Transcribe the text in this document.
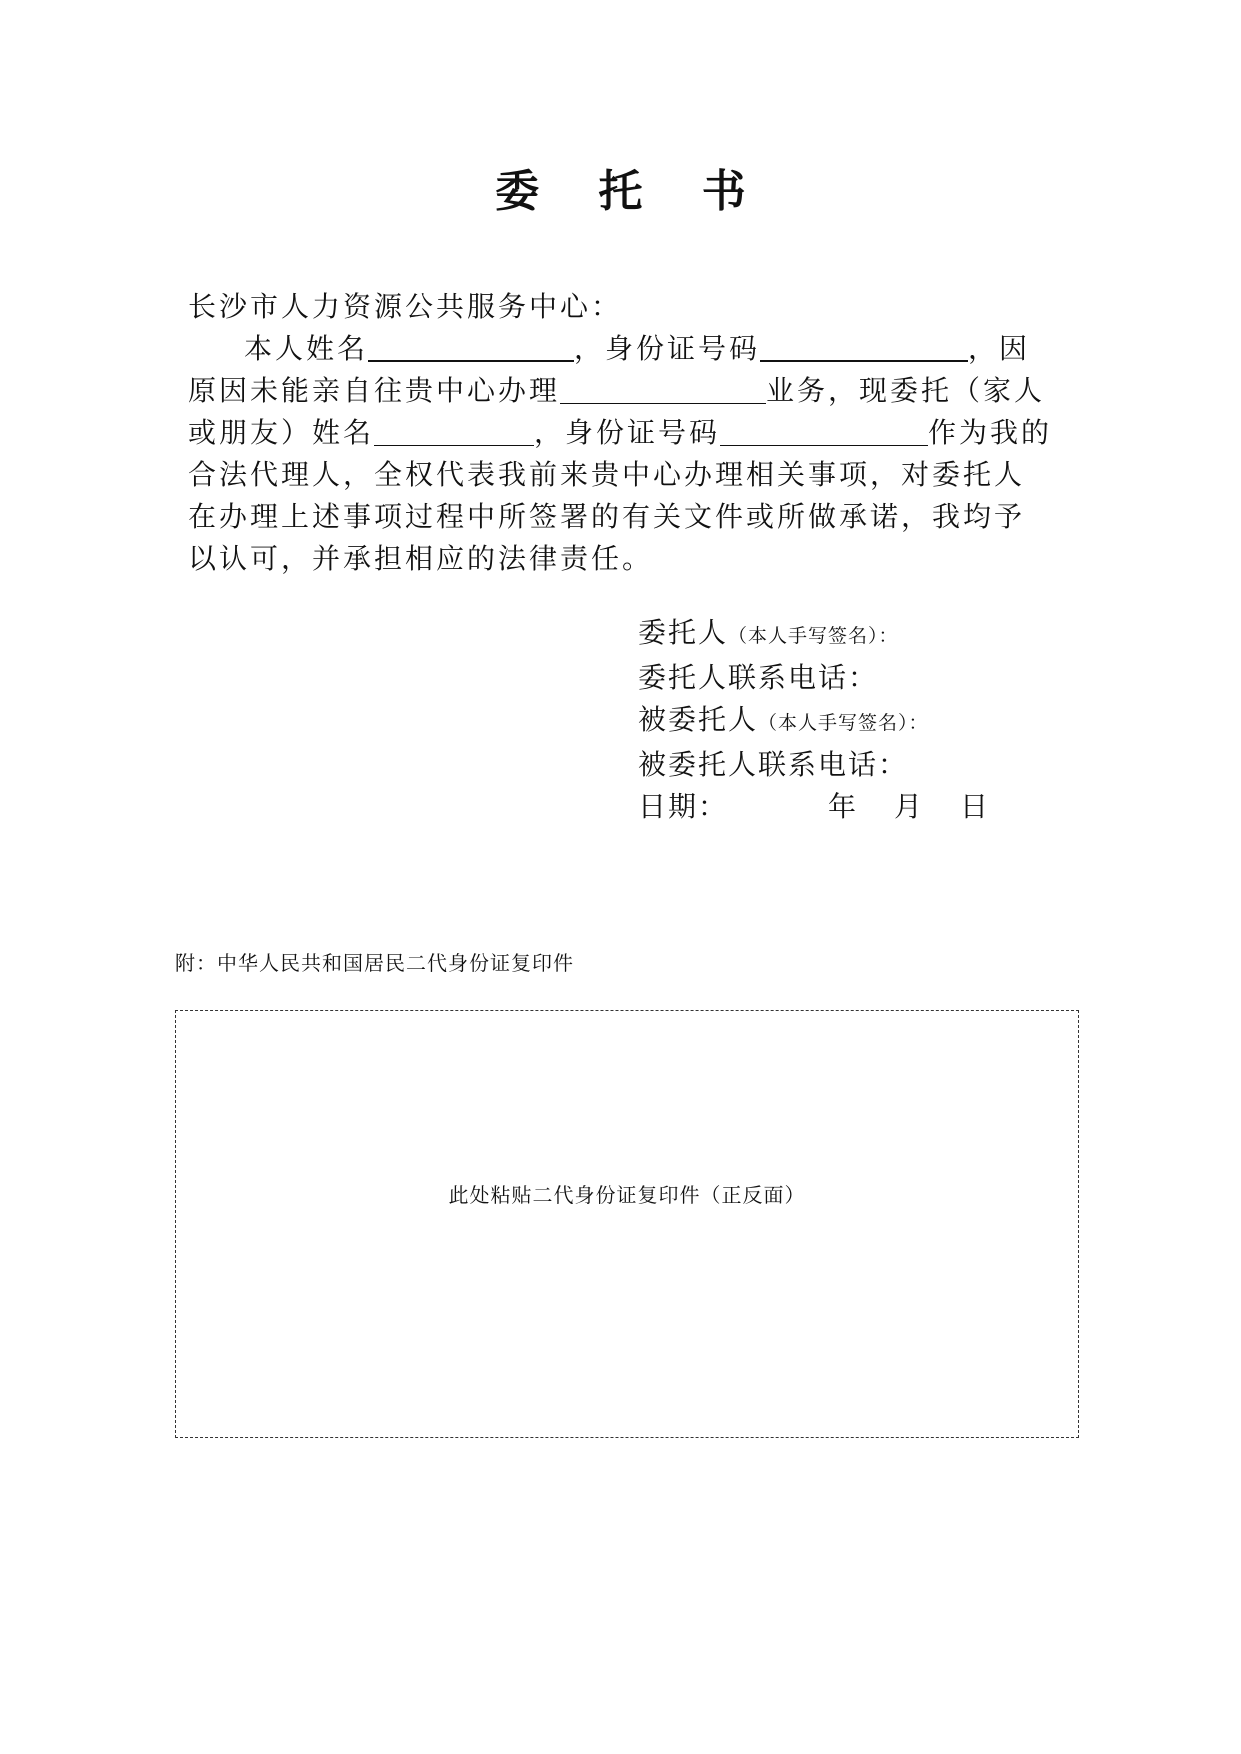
委 托 书

长沙市人力资源公共服务中心：

本人姓名	，身份证号码	，因原因未能亲自往贵中心办理	业务，现委托（家人或朋友）姓名	，身份证号码	作为我的合法代理人，全权代表我前来贵中心办理相关事项，对委托人在办理上述事项过程中所签署的有关文件或所做承诺，我均予以认可，并承担相应的法律责任。

委托人（本人手写签名）：
委托人联系电话：
被委托人（本人手写签名）：
被委托人联系电话：
日期：	年 月 日
附：中华人民共和国居民二代身份证复印件
此处粘贴二代身份证复印件（正反面）
